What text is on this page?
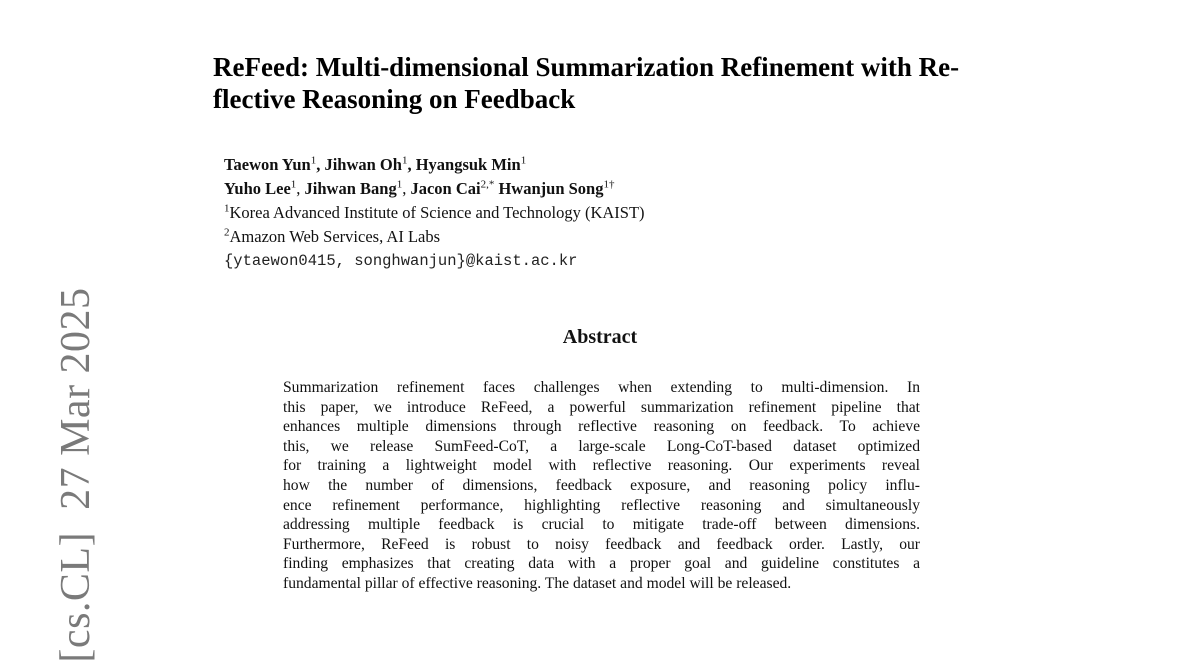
[cs.CL]27 Mar 2025
ReFeed: Multi-dimensional Summarization Refinement with Re-
flective Reasoning on Feedback
Taewon Yun$^1$, Jihwan Oh$^1$, Hyangsuk Min$^1$
Yuho Lee$^1$, Jihwan Bang$^1$, Jacon Cai$^{2,*}$ Hwanjun Song$^{1\dagger}$
$^1$Korea Advanced Institute of Science and Technology (KAIST)
$^2$Amazon Web Services, AI Labs
{ytaewon0415, songhwanjun}@kaist.ac.kr
Abstract
Summarization refinement faces challenges when extending to multi-dimension. In
this paper, we introduce ReFeed, a powerful summarization refinement pipeline that
enhances multiple dimensions through reflective reasoning on feedback. To achieve
this, we release SumFeed-CoT, a large-scale Long-CoT-based dataset optimized
for training a lightweight model with reflective reasoning. Our experiments reveal
how the number of dimensions, feedback exposure, and reasoning policy influ-
ence refinement performance, highlighting reflective reasoning and simultaneously
addressing multiple feedback is crucial to mitigate trade-off between dimensions.
Furthermore, ReFeed is robust to noisy feedback and feedback order. Lastly, our
finding emphasizes that creating data with a proper goal and guideline constitutes a
fundamental pillar of effective reasoning. The dataset and model will be released.
